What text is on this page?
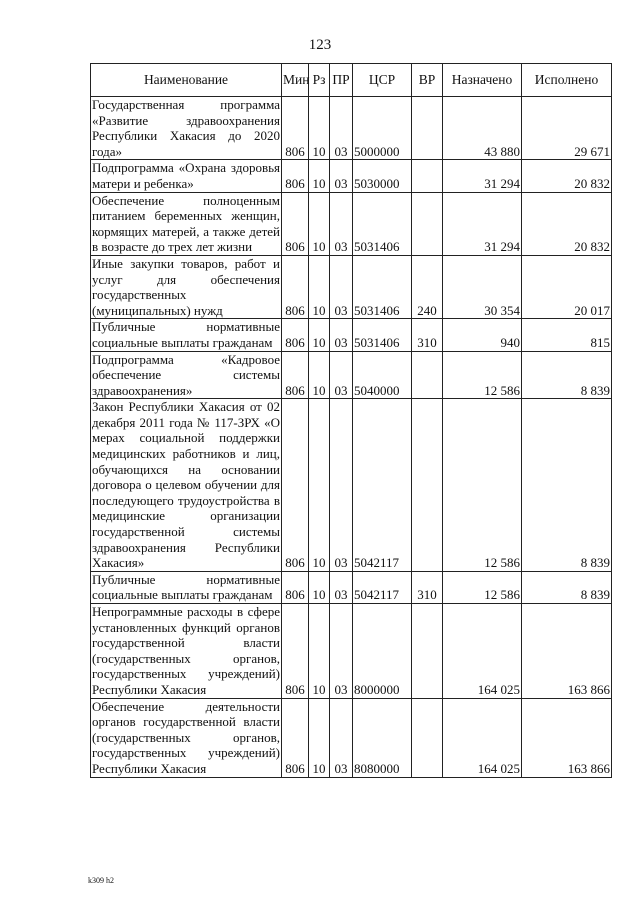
123
Наименование	Мин	Рз	ПР	ЦСР	ВР	Назначено	Исполнено
Государственная программа «Развитие здравоохранения Республики Хакасия до 2020 года»	806	10	03	5000000		43 880	29 671
Подпрограмма «Охрана здоровья матери и ребенка»	806	10	03	5030000		31 294	20 832
Обеспечение полноценным питанием беременных женщин, кормящих матерей, а также детей в возрасте до трех лет жизни	806	10	03	5031406		31 294	20 832
Иные закупки товаров, работ и услуг для обеспечения государственных (муниципальных) нужд	806	10	03	5031406	240	30 354	20 017
Публичные нормативные социальные выплаты гражданам	806	10	03	5031406	310	940	815
Подпрограмма «Кадровое обеспечение системы здравоохранения»	806	10	03	5040000		12 586	8 839
Закон Республики Хакасия от 02 декабря 2011 года № 117-ЗРХ «О мерах социальной поддержки медицинских работников и лиц, обучающихся на основании договора о целевом обучении для последующего трудоустройства в медицинские организации государственной системы здравоохранения Республики Хакасия»	806	10	03	5042117		12 586	8 839
Публичные нормативные социальные выплаты гражданам	806	10	03	5042117	310	12 586	8 839
Непрограммные расходы в сфере установленных функций органов государственной власти (государственных органов, государственных учреждений) Республики Хакасия	806	10	03	8000000		164 025	163 866
Обеспечение деятельности органов государственной власти (государственных органов, государственных учреждений) Республики Хакасия	806	10	03	8080000		164 025	163 866
k309 h2
